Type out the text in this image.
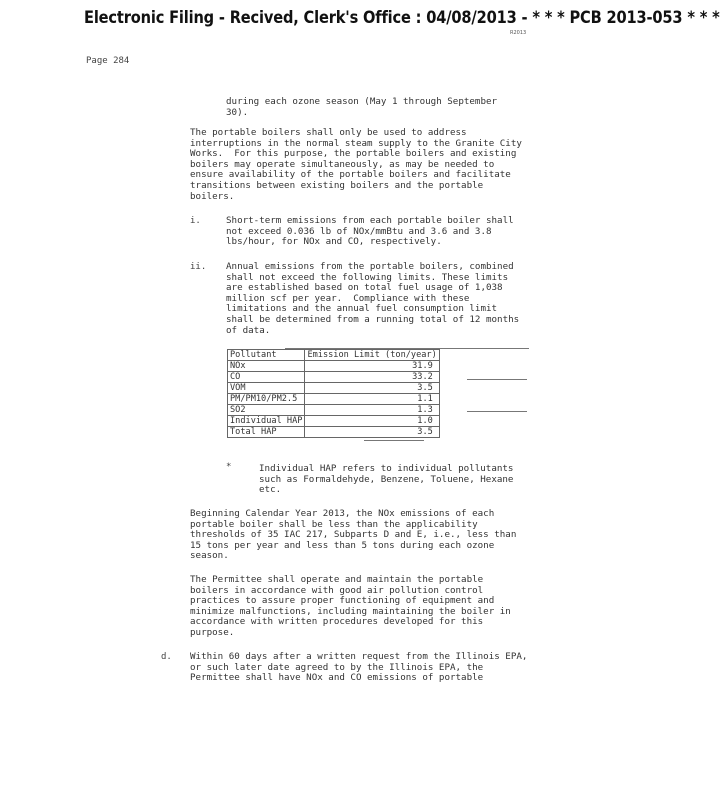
Electronic Filing - Recived, Clerk's Office : 04/08/2013 - * * * PCB 2013-053 * * *
R2013
Page 284
during each ozone season (May 1 through September
30).
The portable boilers shall only be used to address
interruptions in the normal steam supply to the Granite City
Works.  For this purpose, the portable boilers and existing
boilers may operate simultaneously, as may be needed to
ensure availability of the portable boilers and facilitate
transitions between existing boilers and the portable
boilers.
i.	Short-term emissions from each portable boiler shall
not exceed 0.036 lb of NOx/mmBtu and 3.6 and 3.8
lbs/hour, for NOx and CO, respectively.
ii. Annual emissions from the portable boilers, combined
shall not exceed the following limits. These limits
are established based on total fuel usage of 1,038
million scf per year.  Compliance with these
limitations and the annual fuel consumption limit
shall be determined from a running total of 12 months
of data.
Pollutant	Emission Limit (ton/year)
NOx	31.9
CO	33.2
VOM	3.5
PM/PM10/PM2.5	1.1
SO2	1.3
Individual HAP	1.0
Total HAP	3.5
*	Individual HAP refers to individual pollutants
such as Formaldehyde, Benzene, Toluene, Hexane
etc.
Beginning Calendar Year 2013, the NOx emissions of each
portable boiler shall be less than the applicability
thresholds of 35 IAC 217, Subparts D and E, i.e., less than
15 tons per year and less than 5 tons during each ozone
season.
The Permittee shall operate and maintain the portable
boilers in accordance with good air pollution control
practices to assure proper functioning of equipment and
minimize malfunctions, including maintaining the boiler in
accordance with written procedures developed for this
purpose.
d. Within 60 days after a written request from the Illinois EPA,
or such later date agreed to by the Illinois EPA, the
Permittee shall have NOx and CO emissions of portable
